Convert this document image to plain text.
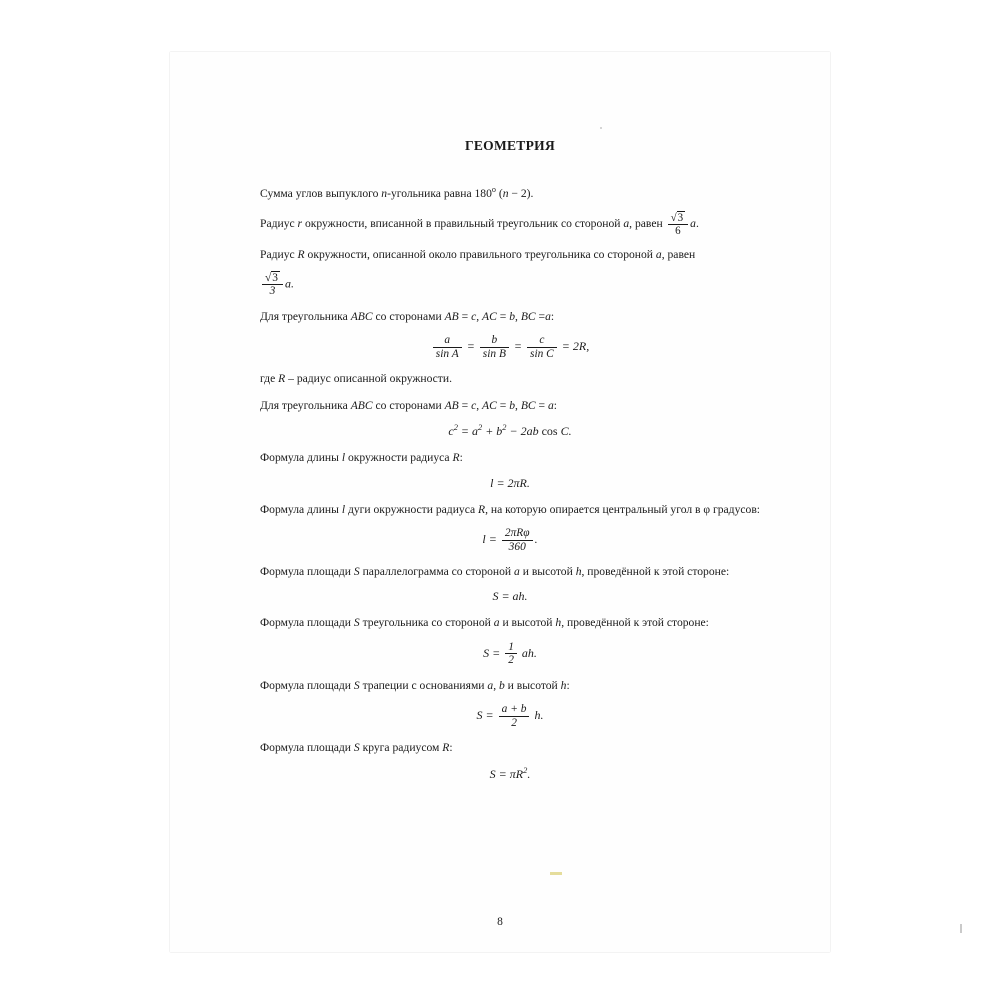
ГЕОМЕТРИЯ

Сумма углов выпуклого n-угольника равна 180$^o$ (n − 2).

Радиус r окружности, вписанной в правильный треугольник со стороной a, равен $\frac{√3}{6} a$.

Радиус R окружности, описанной около правильного треугольника со стороной a, равен

$\frac{√3}{3} a$.

Для треугольника ABC со сторонами AB = c, AC = b, BC =a:

$\frac{a}{\text{sin A}} = \frac{b}{\text{sin B}} = \frac{c}{\text{sin C}} = 2R$,

где R – радиус описанной окружности.

Для треугольника ABC со сторонами AB = c, AC = b, BC = a:

$c^2 = a^2 + b^2 - 2ab$ cos C.

Формула длины l окружности радиуса R:

l = 2πR.

Формула длины l дуги окружности радиуса R, на которую опирается центральный угол в φ градусов:

$l = \frac{\text{2πRφ}}{360}$ .

Формула площади S параллелограмма со стороной a и высотой h, проведённой к этой стороне:

S = ah.

Формула площади S треугольника со стороной a и высотой h, проведённой к этой стороне:

$S = \frac{1}{2}$ ah.

Формула площади S трапеции с основаниями a, b и высотой h:

$S = \frac{a + b}{2} h$.

Формула площади S круга радиусом R:

$S = \pi R^2$.
8
